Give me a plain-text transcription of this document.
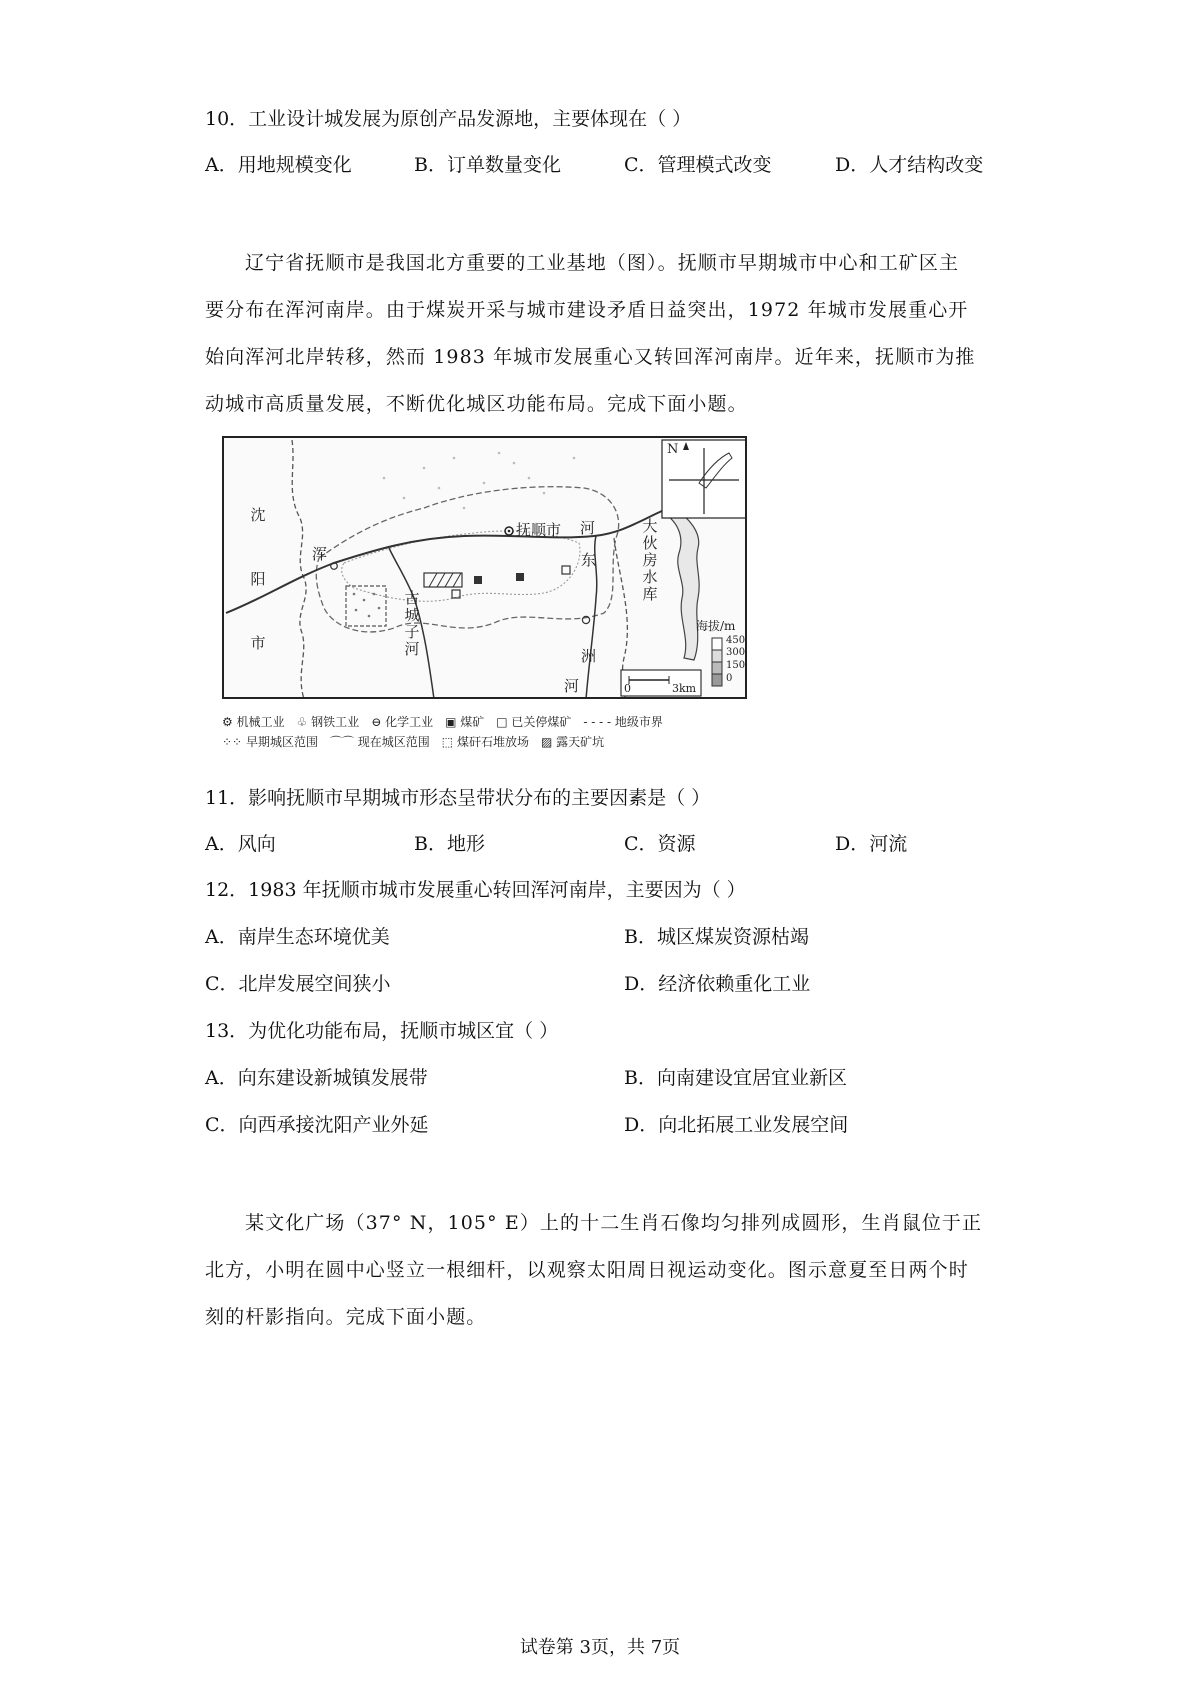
10．工业设计城发展为原创产品发源地，主要体现在（ ）
A．用地规模变化	B．订单数量变化	C．管理模式改变	D．人才结构改变
辽宁省抚顺市是我国北方重要的工业基地（图）。抚顺市早期城市中心和工矿区主
要分布在浑河南岸。由于煤炭开采与城市建设矛盾日益突出，1972 年城市发展重心开
始向浑河北岸转移，然而 1983 年城市发展重心又转回浑河南岸。近年来，抚顺市为推
动城市高质量发展，不断优化城区功能布局。完成下面小题。
沈
阳
市
抚顺市
浑
河
东
洲
河
古
城
子
河
大
伙
房
水
库
N
海拔/m
450
300
150
0
0	3km
⚙ 机械工业 ♧ 钢铁工业 ⊖ 化学工业 ▣ 煤矿 □ 已关停煤矿 - - - - 地级市界
⁘⁘ 早期城区范围 ⌒⌒ 现在城区范围 ⬚ 煤矸石堆放场 ▨ 露天矿坑
11．影响抚顺市早期城市形态呈带状分布的主要因素是（ ）
A．风向	B．地形	C．资源	D．河流
12．1983 年抚顺市城市发展重心转回浑河南岸，主要因为（ ）
A．南岸生态环境优美	B．城区煤炭资源枯竭
C．北岸发展空间狭小	D．经济依赖重化工业
13．为优化功能布局，抚顺市城区宜（ ）
A．向东建设新城镇发展带	B．向南建设宜居宜业新区
C．向西承接沈阳产业外延	D．向北拓展工业发展空间
某文化广场（37° N，105° E）上的十二生肖石像均匀排列成圆形，生肖鼠位于正
北方，小明在圆中心竖立一根细杆，以观察太阳周日视运动变化。图示意夏至日两个时
刻的杆影指向。完成下面小题。
试卷第 3页，共 7页
